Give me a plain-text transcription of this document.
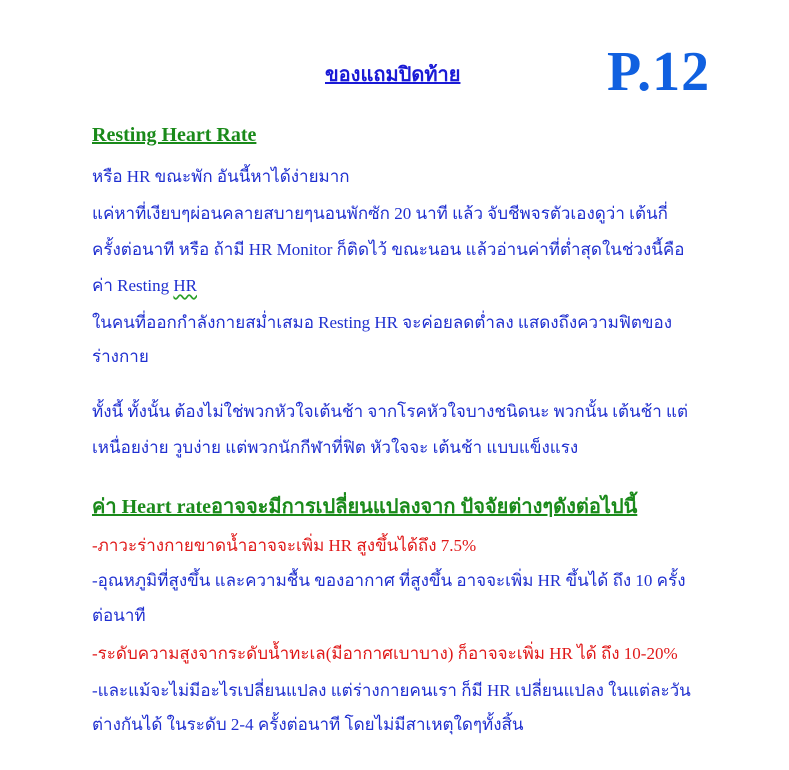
ของแถมปิดท้าย	P.12
Resting Heart Rate
หรือ HR ขณะพัก อันนี้หาได้ง่ายมาก
แค่หาที่เงียบๆผ่อนคลายสบายๆนอนพักซัก 20 นาที แล้ว จับชีพจรตัวเองดูว่า เต้นกี่
ครั้งต่อนาที หรือ ถ้ามี HR Monitor ก็ติดไว้ ขณะนอน แล้วอ่านค่าที่ต่ำสุดในช่วงนี้คือ
ค่า Resting HR
ในคนที่ออกกำลังกายสม่ำเสมอ Resting HR จะค่อยลดต่ำลง แสดงถึงความฟิตของ
ร่างกาย
ทั้งนี้ ทั้งนั้น ต้องไม่ใช่พวกหัวใจเต้นช้า จากโรคหัวใจบางชนิดนะ พวกนั้น เต้นช้า แต่
เหนื่อยง่าย วูบง่าย แต่พวกนักกีฬาที่ฟิต หัวใจจะ เต้นช้า แบบแข็งแรง
ค่า Heart rateอาจจะมีการเปลี่ยนแปลงจาก ปัจจัยต่างๆดังต่อไปนี้
-ภาวะร่างกายขาดน้ำอาจจะเพิ่ม HR สูงขึ้นได้ถึง 7.5%
-อุณหภูมิที่สูงขึ้น และความชื้น ของอากาศ ที่สูงขึ้น อาจจะเพิ่ม HR ขึ้นได้ ถึง 10 ครั้ง
ต่อนาที
-ระดับความสูงจากระดับน้ำทะเล(มีอากาศเบาบาง) ก็อาจจะเพิ่ม HR ได้ ถึง 10-20%
-และแม้จะไม่มีอะไรเปลี่ยนแปลง แต่ร่างกายคนเรา ก็มี HR เปลี่ยนแปลง ในแต่ละวัน
ต่างกันได้ ในระดับ 2-4 ครั้งต่อนาที โดยไม่มีสาเหตุใดๆทั้งสิ้น
